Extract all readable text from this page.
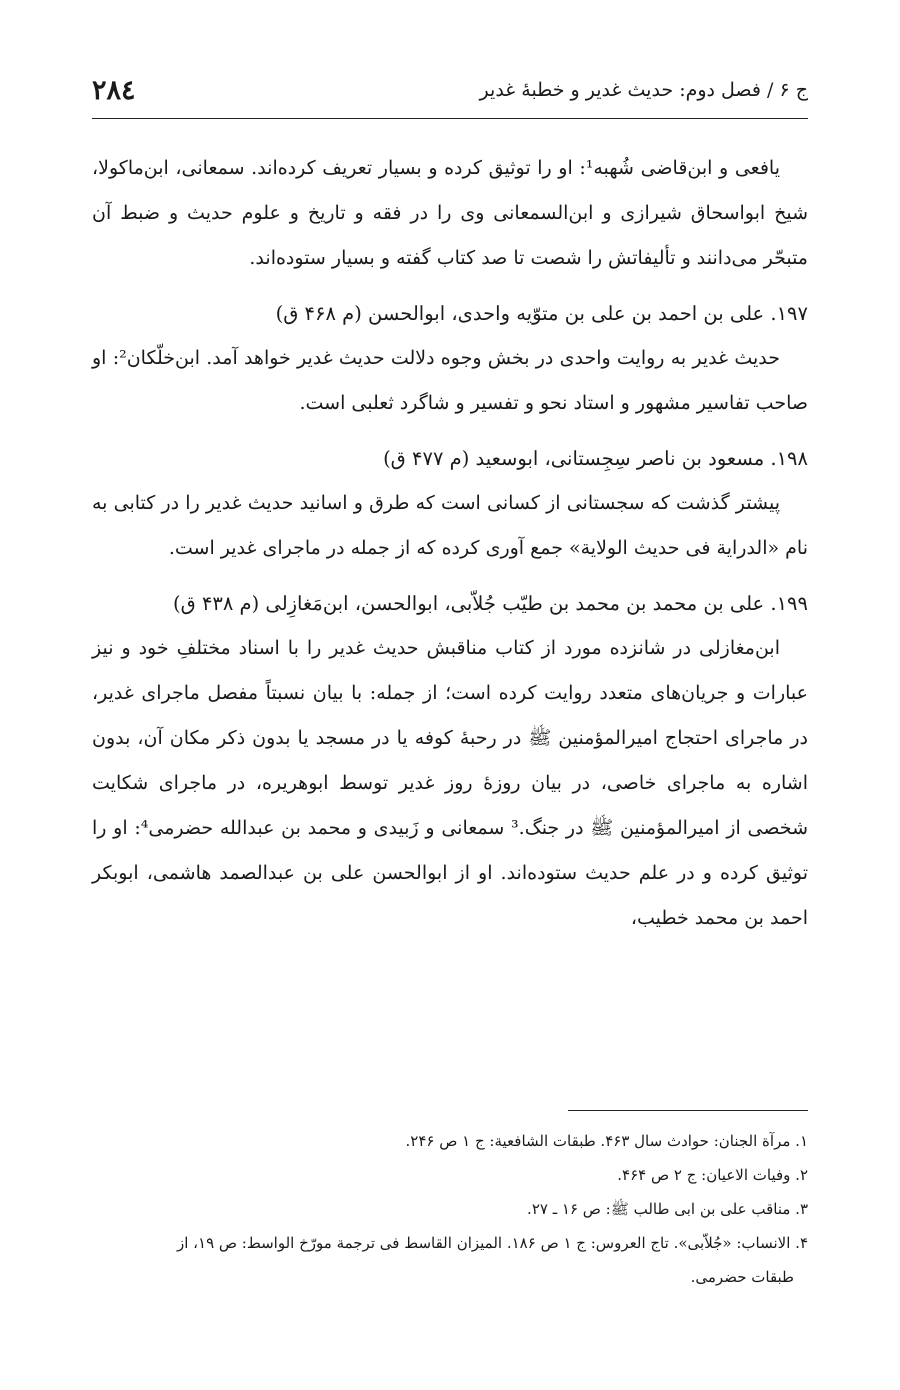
ج ۶ / فصل دوم: حدیث غدیر و خطبهٔ غدیر
٢٨٤

یافعی و ابن‌قاضی شُهبه¹: او را توثیق کرده و بسیار تعریف کرده‌اند. سمعانی، ابن‌ماکولا، شیخ ابواسحاق شیرازی و ابن‌السمعانی وی را در فقه و تاریخ و علوم حدیث و ضبط آن متبحّر می‌دانند و تألیفاتش را شصت تا صد کتاب گفته و بسیار ستوده‌اند.

١٩٧. علی بن احمد بن علی بن متوّیه واحدی، ابوالحسن (م ۴۶٨ ق)

حدیث غدیر به روایت واحدی در بخش وجوه دلالت حدیث غدیر خواهد آمد. ابن‌خلّکان²: او صاحب تفاسیر مشهور و استاد نحو و تفسیر و شاگرد ثعلبی است.

١٩٨. مسعود بن ناصر سِجِستانی، ابوسعید (م ۴٧٧ ق)

پیشتر گذشت که سجستانی از کسانی است که طرق و اسانید حدیث غدیر را در کتابی به نام «الدرایة فی حدیث الولایة» جمع آوری کرده که از جمله در ماجرای غدیر است.

١٩٩. علی بن محمد بن محمد بن طیّب جُلاّبی، ابوالحسن، ابن‌مَغازِلی (م ۴٣٨ ق)

ابن‌مغازلی در شانزده مورد از کتاب مناقبش حدیث غدیر را با اسناد مختلفِ خود و نیز عبارات و جریان‌های متعدد روایت کرده است؛ از جمله: با بیان نسبتاً مفصل ماجرای غدیر، در ماجرای احتجاج امیرالمؤمنین ﷺ در رحبهٔ کوفه یا در مسجد یا بدون ذکر مکان آن، بدون اشاره به ماجرای خاصی، در بیان روزهٔ روز غدیر توسط ابوهریره، در ماجرای شکایت شخصی از امیرالمؤمنین ﷺ در جنگ.³ سمعانی و زَبیدی و محمد بن عبدالله حضرمی⁴: او را توثیق کرده و در علم حدیث ستوده‌اند. او از ابوالحسن علی بن عبدالصمد هاشمی، ابوبکر احمد بن محمد خطیب،

١. مرآة الجنان: حوادث سال ۴۶٣. طبقات الشافعیة: ج ١ ص ٢۴۶.

٢. وفیات الاعیان: ج ٢ ص ۴۶۴.

٣. مناقب علی بن ابی طالب ﷺ: ص ١۶ ـ ٢٧.

۴. الانساب: «جُلاّبی». تاج العروس: ج ١ ص ١٨۶. المیزان القاسط فی ترجمة مورّخ الواسط: ص ١٩، از

طبقات حضرمی.
